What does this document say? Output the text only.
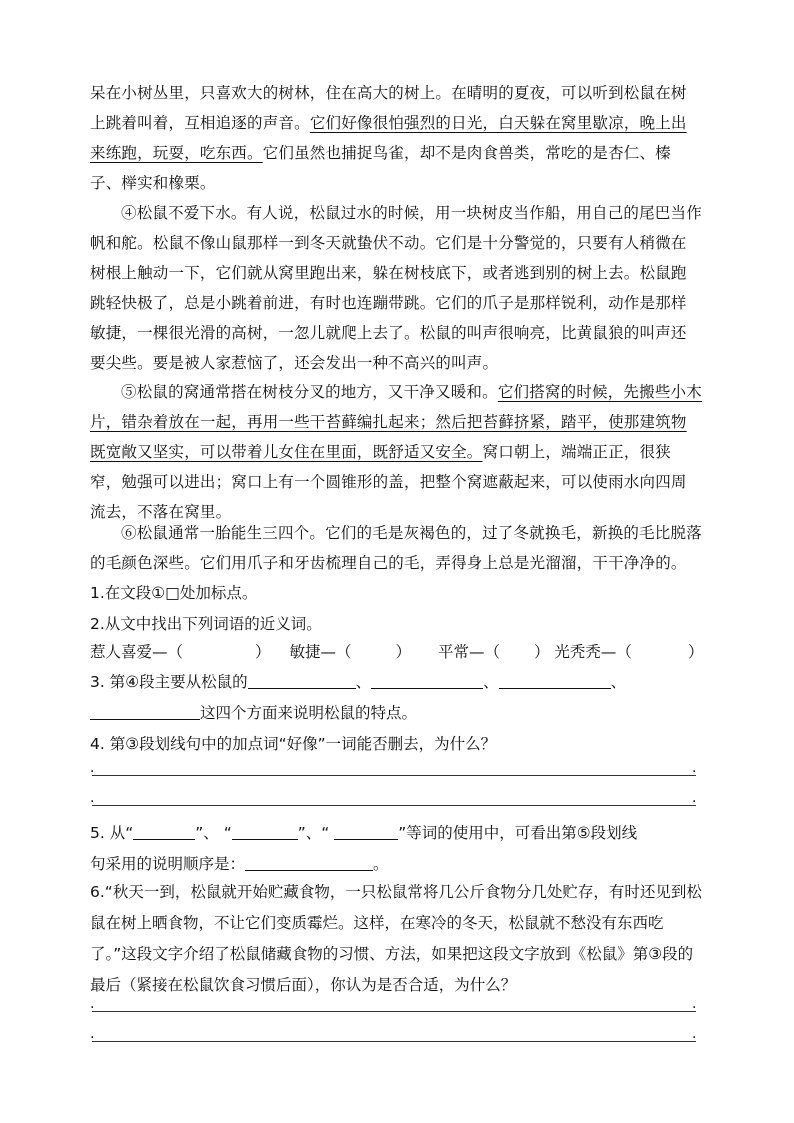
呆在小树丛里，只喜欢大的树林，住在高大的树上。在晴明的夏夜，可以听到松鼠在树上跳着叫着，互相追逐的声音。它们好像很怕强烈的日光，白天躲在窝里歇凉，晚上出来练跑，玩耍，吃东西。它们虽然也捕捉鸟雀，却不是肉食兽类，常吃的是杏仁、榛子、榉实和橡栗。
④松鼠不爱下水。有人说，松鼠过水的时候，用一块树皮当作船，用自己的尾巴当作帆和舵。松鼠不像山鼠那样一到冬天就蛰伏不动。它们是十分警觉的，只要有人稍微在树根上触动一下，它们就从窝里跑出来，躲在树枝底下，或者逃到别的树上去。松鼠跑跳轻快极了，总是小跳着前进，有时也连蹦带跳。它们的爪子是那样锐利，动作是那样敏捷，一棵很光滑的高树，一忽儿就爬上去了。松鼠的叫声很响亮，比黄鼠狼的叫声还要尖些。要是被人家惹恼了，还会发出一种不高兴的叫声。
⑤松鼠的窝通常搭在树枝分叉的地方，又干净又暖和。它们搭窝的时候，先搬些小木片，错杂着放在一起，再用一些干苔藓编扎起来；然后把苔藓挤紧，踏平，使那建筑物既宽敞又坚实，可以带着儿女住在里面，既舒适又安全。窝口朝上，端端正正，很狭窄，勉强可以进出；窝口上有一个圆锥形的盖，把整个窝遮蔽起来，可以使雨水向四周流去，不落在窝里。
⑥松鼠通常一胎能生三四个。它们的毛是灰褐色的，过了冬就换毛，新换的毛比脱落的毛颜色深些。它们用爪子和牙齿梳理自己的毛，弄得身上总是光溜溜，干干净净的。
1.在文段①□处加标点。
2.从文中找出下列词语的近义词。
惹人喜爱—（	） 敏捷—（	） 平常—（ ） 光秃秃—（	）
3. 第④段主要从松鼠的	、	、	、
这四个方面来说明松鼠的特点。
4. 第③段划线句中的加点词“好像”一词能否删去，为什么？
.	.
.	.
5. 从“	”、 “	”、“	”等词的使用中，可看出第⑤段划线
句采用的说明顺序是：	。
6.“秋天一到，松鼠就开始贮藏食物，一只松鼠常将几公斤食物分几处贮存，有时还见到松鼠在树上晒食物，不让它们变质霉烂。这样，在寒冷的冬天，松鼠就不愁没有东西吃了。”这段文字介绍了松鼠储藏食物的习惯、方法，如果把这段文字放到《松鼠》第③段的最后（紧接在松鼠饮食习惯后面），你认为是否合适，为什么？
.	.
.	.
